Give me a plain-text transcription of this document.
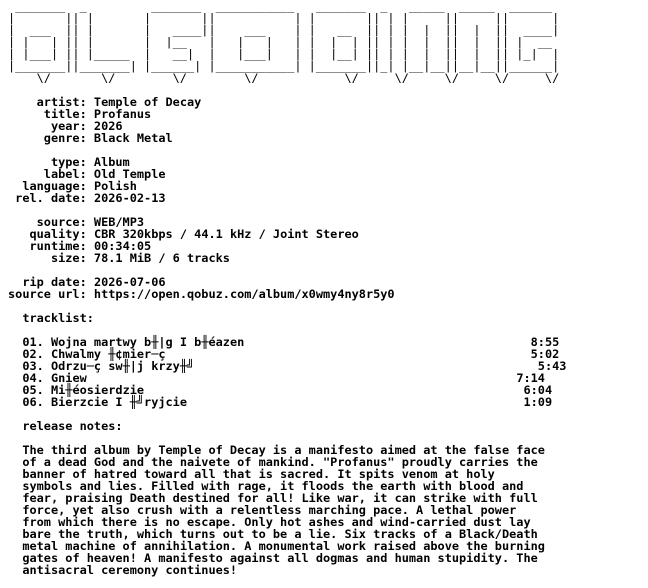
_______  _         _______  ___________   _______  _   _____  _____  ______
|       || |       |       ||           | |       || | |     ||     ||      |
|  ___  || |       |   ____||    ___    | |   __  || | |  |  ||  |  ||  ____|
| |   | || |       |  |__   |   |   |   | |  |  | || | |  |  ||  |  || |  __
| |___| || |_____  |   __|  |   |___|   | |  |__| || | |  |  ||  |  || |_|  |
|_______||_______| |______| |___________| |_______||_| |__|__||__|__||______|
\/       \/        \/        \/            \/     \/     \/     \/     \/

artist: Temple of Decay
title: Profanus
year: 2026
genre: Black Metal

type: Album
label: Old Temple
language: Polish
rel. date: 2026-02-13

source: WEB/MP3
quality: CBR 320kbps / 44.1 kHz / Joint Stereo
runtime: 00:34:05
size: 78.1 MiB / 6 tracks

rip date: 2026-07-06
source url: https://open.qobuz.com/album/x0wmy4ny8r5y0

tracklist:

01. Wojna martwy b╫|g I b╫éazen	8:55
02. Chwalmy ╫¢mier─ç	5:02
03. Odrzu─ç sw╫|j krzy╫╝	5:43
04. Gniew	7:14
05. Mi╫éosierdzie	6:04
06. Bierzcie I ╫╝ryjcie	1:09

release notes:

The third album by Temple of Decay is a manifesto aimed at the false face
of a dead God and the naivete of mankind. "Profanus" proudly carries the
banner of hatred toward all that is sacred. It spits venom at holy
symbols and lies. Filled with rage, it floods the earth with blood and
fear, praising Death destined for all! Like war, it can strike with full
force, yet also crush with a relentless marching pace. A lethal power
from which there is no escape. Only hot ashes and wind-carried dust lay
bare the truth, which turns out to be a lie. Six tracks of a Black/Death
metal machine of annihilation. A monumental work raised above the burning
gates of heaven! A manifesto against all dogmas and human stupidity. The
antisacral ceremony continues!
